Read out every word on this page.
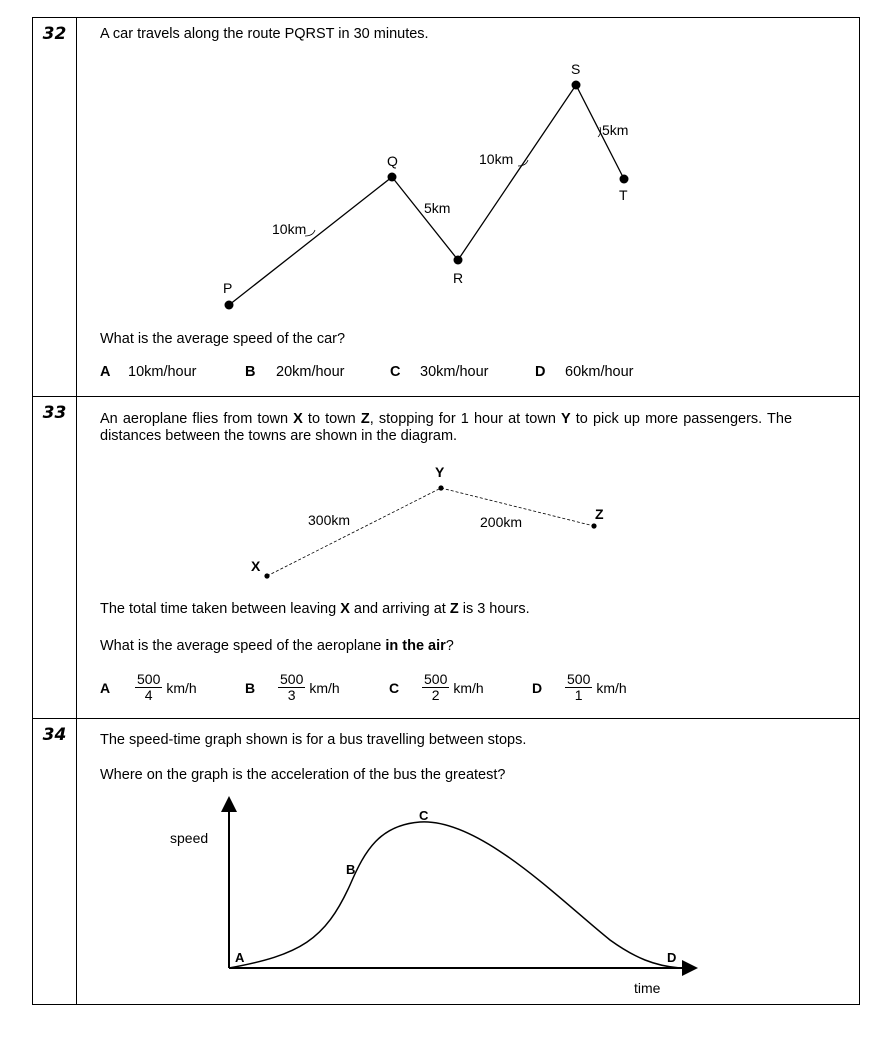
32	A car travels along the route PQRST in 30 minutes.
P
Q
R
S
T
10km
5km
10km
5km
What is the average speed of the car?
A 10km/hour	B 20km/hour	C 30km/hour	D 60km/hour
33	An aeroplane flies from town X to town Z, stopping for 1 hour at town Y to pick up more passengers. The distances between the towns are shown in the diagram.
X
Y
Z
300km	200km
The total time taken between leaving X and arriving at Z is 3 hours.
What is the average speed of the aeroplane in the air?
A $\frac{500}{4} km/h$	B $\frac{500}{3} km/h$	C $\frac{500}{2} km/h$	D $\frac{500}{1} km/h$
34	The speed-time graph shown is for a bus travelling between stops.
Where on the graph is the acceleration of the bus the greatest?
speed
time
A
B
C
D
